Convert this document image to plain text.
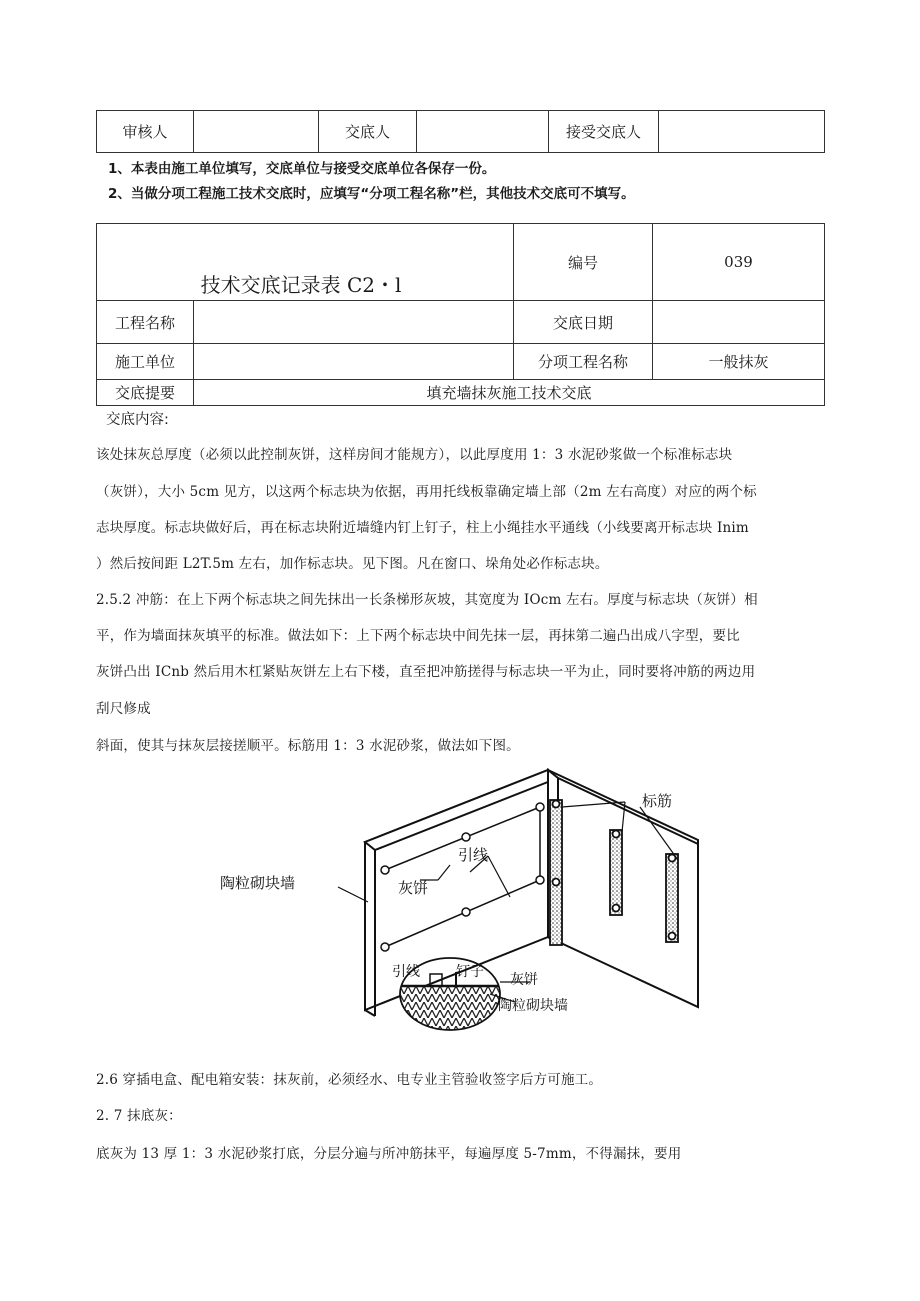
审核人		交底人		接受交底人	
1、本表由施工单位填写，交底单位与接受交底单位各保存一份。
2、当做分项工程施工技术交底时，应填写“分项工程名称”栏，其他技术交底可不填写。
技术交底记录表 C2・l		编号	039
工程名称		交底日期	
施工单位		分项工程名称	一般抹灰
交底提要	填充墙抹灰施工技术交底		
交底内容:
该处抹灰总厚度（必须以此控制灰饼，这样房间才能规方），以此厚度用 1：3 水泥砂浆做一个标准标志块
（灰饼），大小 5cm 见方，以这两个标志块为依据，再用托线板靠确定墙上部（2m 左右高度）对应的两个标
志块厚度。标志块做好后，再在标志块附近墙缝内钉上钉子，柱上小绳挂水平通线（小线要离开标志块 Inim
）然后按间距 L2T.5m 左右，加作标志块。见下图。凡在窗口、垛角处必作标志块。
2.5.2 冲筋：在上下两个标志块之间先抹出一长条梯形灰坡，其宽度为 IOcm 左右。厚度与标志块（灰饼）相
平，作为墙面抹灰填平的标准。做法如下：上下两个标志块中间先抹一层，再抹第二遍凸出成八字型，要比
灰饼凸出 ICnb 然后用木杠紧贴灰饼左上右下楼，直至把冲筋搓得与标志块一平为止，同时要将冲筋的两边用
刮尺修成
斜面，使其与抹灰层接搓顺平。标筋用 1：3 水泥砂浆，做法如下图。
陶粒砌块墙	灰饼
引线
标筋
引线	钉子
灰饼
陶粒砌块墙
2.6 穿插电盒、配电箱安装：抹灰前，必须经水、电专业主管验收签字后方可施工。
2. 7 抹底灰：
底灰为 13 厚 1：3 水泥砂浆打底，分层分遍与所冲筋抹平，每遍厚度 5-7mm，不得漏抹，要用
